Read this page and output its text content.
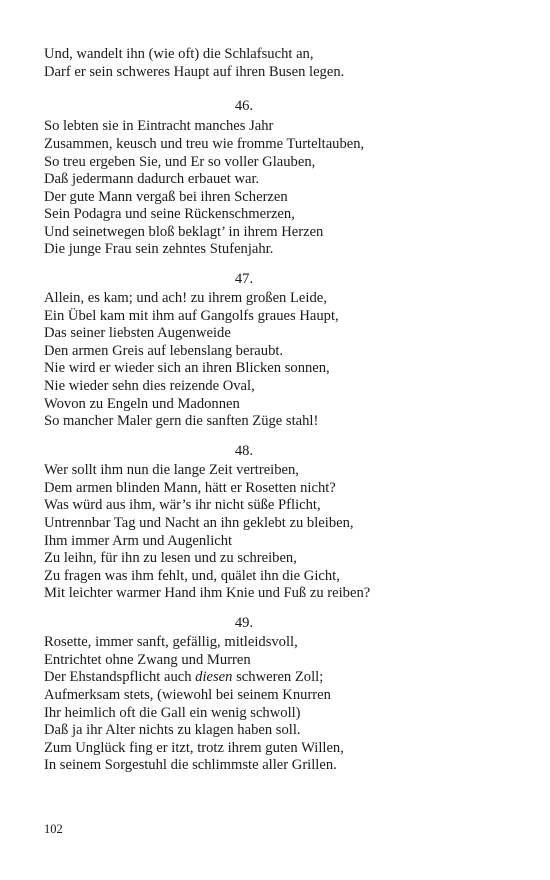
Und, wandelt ihn (wie oft) die Schlafsucht an,
Darf er sein schweres Haupt auf ihren Busen legen.
46.
So lebten sie in Eintracht manches Jahr
Zusammen, keusch und treu wie fromme Turteltauben,
So treu ergeben Sie, und Er so voller Glauben,
Daß jedermann dadurch erbauet war.
Der gute Mann vergaß bei ihren Scherzen
Sein Podagra und seine Rückenschmerzen,
Und seinetwegen bloß beklagt’ in ihrem Herzen
Die junge Frau sein zehntes Stufenjahr.
47.
Allein, es kam; und ach! zu ihrem großen Leide,
Ein Übel kam mit ihm auf Gangolfs graues Haupt,
Das seiner liebsten Augenweide
Den armen Greis auf lebenslang beraubt.
Nie wird er wieder sich an ihren Blicken sonnen,
Nie wieder sehn dies reizende Oval,
Wovon zu Engeln und Madonnen
So mancher Maler gern die sanften Züge stahl!
48.
Wer sollt ihm nun die lange Zeit vertreiben,
Dem armen blinden Mann, hätt er Rosetten nicht?
Was würd aus ihm, wär’s ihr nicht süße Pflicht,
Untrennbar Tag und Nacht an ihn geklebt zu bleiben,
Ihm immer Arm und Augenlicht
Zu leihn, für ihn zu lesen und zu schreiben,
Zu fragen was ihm fehlt, und, quälet ihn die Gicht,
Mit leichter warmer Hand ihm Knie und Fuß zu reiben?
49.
Rosette, immer sanft, gefällig, mitleidsvoll,
Entrichtet ohne Zwang und Murren
Der Ehstandspflicht auch diesen schweren Zoll;
Aufmerksam stets, (wiewohl bei seinem Knurren
Ihr heimlich oft die Gall ein wenig schwoll)
Daß ja ihr Alter nichts zu klagen haben soll.
Zum Unglück fing er itzt, trotz ihrem guten Willen,
In seinem Sorgestuhl die schlimmste aller Grillen.
102
